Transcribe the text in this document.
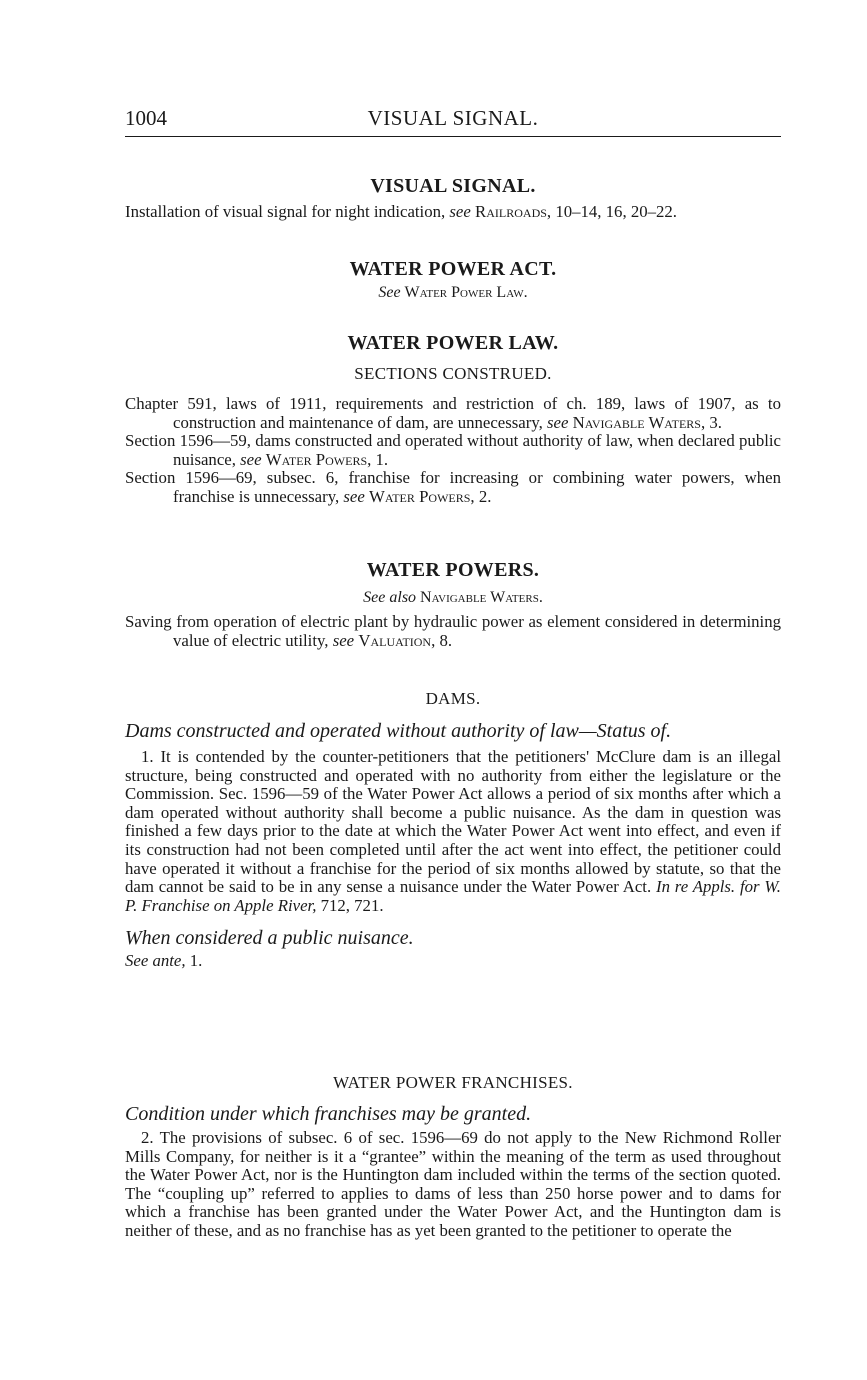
1004	VISUAL SIGNAL.

VISUAL SIGNAL.

Installation of visual signal for night indication, see Railroads, 10–14, 16, 20–22.

WATER POWER ACT.

See Water Power Law.

WATER POWER LAW.

SECTIONS CONSTRUED.

Chapter 591, laws of 1911, requirements and restriction of ch. 189, laws of 1907, as to construction and maintenance of dam, are unnecessary, see Navigable Waters, 3.

Section 1596—59, dams constructed and operated without authority of law, when declared public nuisance, see Water Powers, 1.

Section 1596—69, subsec. 6, franchise for increasing or combining water powers, when franchise is unnecessary, see Water Powers, 2.

WATER POWERS.

See also Navigable Waters.

Saving from operation of electric plant by hydraulic power as element considered in determining value of electric utility, see Valuation, 8.

DAMS.

Dams constructed and operated without authority of law—Status of.

1. It is contended by the counter-petitioners that the petitioners' McClure dam is an illegal structure, being constructed and operated with no authority from either the legislature or the Commission. Sec. 1596—59 of the Water Power Act allows a period of six months after which a dam operated without authority shall become a public nuisance. As the dam in question was finished a few days prior to the date at which the Water Power Act went into effect, and even if its construction had not been completed until after the act went into effect, the petitioner could have operated it without a franchise for the period of six months allowed by statute, so that the dam cannot be said to be in any sense a nuisance under the Water Power Act. In re Appls. for W. P. Franchise on Apple River, 712, 721.

When considered a public nuisance.

See ante, 1.

WATER POWER FRANCHISES.

Condition under which franchises may be granted.

2. The provisions of subsec. 6 of sec. 1596—69 do not apply to the New Richmond Roller Mills Company, for neither is it a “grantee” within the meaning of the term as used throughout the Water Power Act, nor is the Huntington dam included within the terms of the section quoted. The “coupling up” referred to applies to dams of less than 250 horse power and to dams for which a franchise has been granted under the Water Power Act, and the Huntington dam is neither of these, and as no franchise has as yet been granted to the petitioner to operate the
